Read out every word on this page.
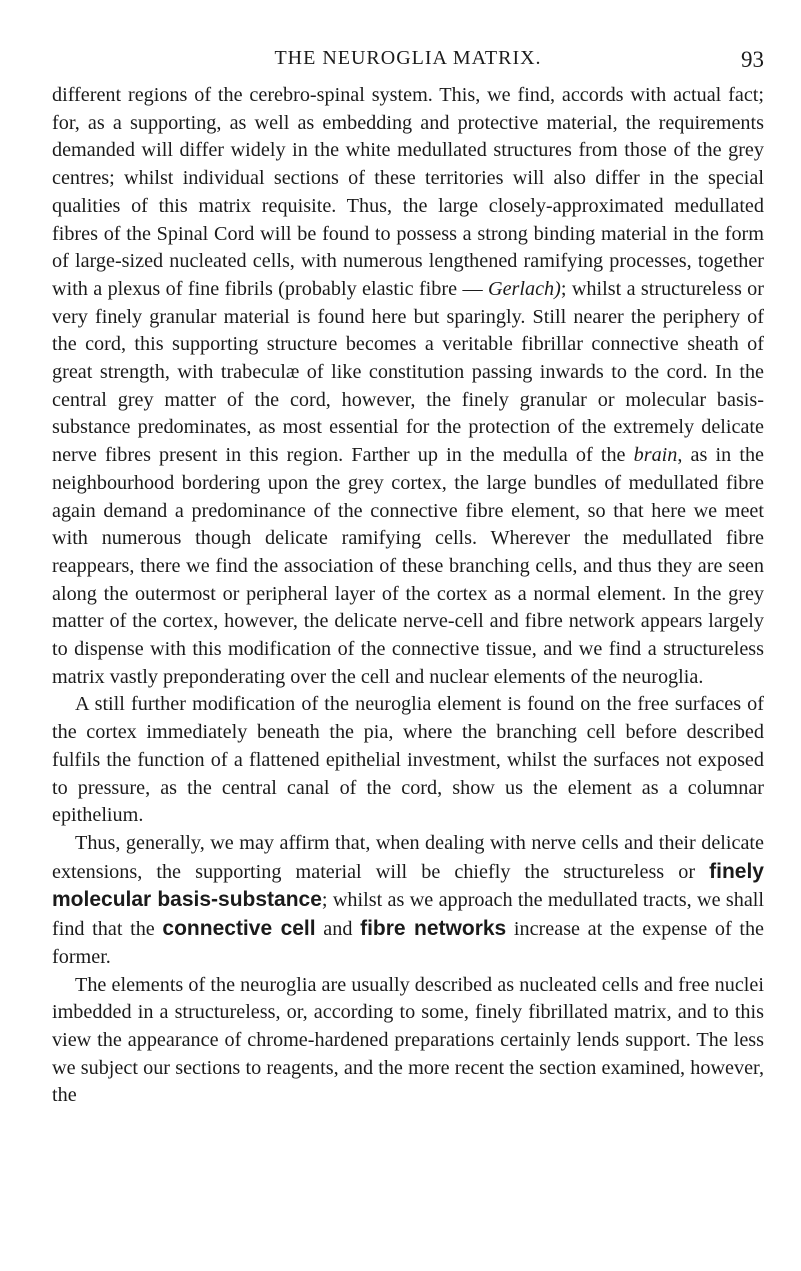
THE NEUROGLIA MATRIX.	93

different regions of the cerebro-spinal system. This, we find, accords with actual fact; for, as a supporting, as well as embedding and protective material, the requirements demanded will differ widely in the white medullated structures from those of the grey centres; whilst individual sections of these territories will also differ in the special qualities of this matrix requisite. Thus, the large closely-approximated medullated fibres of the Spinal Cord will be found to possess a strong binding material in the form of large-sized nucleated cells, with numerous lengthened ramifying processes, together with a plexus of fine fibrils (probably elastic fibre — Gerlach); whilst a structureless or very finely granular material is found here but sparingly. Still nearer the periphery of the cord, this supporting structure becomes a veritable fibrillar connective sheath of great strength, with trabeculæ of like constitution passing inwards to the cord. In the central grey matter of the cord, however, the finely granular or molecular basis-substance predominates, as most essential for the protection of the extremely delicate nerve fibres present in this region. Farther up in the medulla of the brain, as in the neighbourhood bordering upon the grey cortex, the large bundles of medullated fibre again demand a predominance of the connective fibre element, so that here we meet with numerous though delicate ramifying cells. Wherever the medullated fibre reappears, there we find the association of these branching cells, and thus they are seen along the outermost or peripheral layer of the cortex as a normal element. In the grey matter of the cortex, however, the delicate nerve-cell and fibre network appears largely to dispense with this modification of the connective tissue, and we find a structureless matrix vastly preponderating over the cell and nuclear elements of the neuroglia.

A still further modification of the neuroglia element is found on the free surfaces of the cortex immediately beneath the pia, where the branching cell before described fulfils the function of a flattened epithelial investment, whilst the surfaces not exposed to pressure, as the central canal of the cord, show us the element as a columnar epithelium.

Thus, generally, we may affirm that, when dealing with nerve cells and their delicate extensions, the supporting material will be chiefly the structureless or finely molecular basis-substance; whilst as we approach the medullated tracts, we shall find that the connective cell and fibre networks increase at the expense of the former.

The elements of the neuroglia are usually described as nucleated cells and free nuclei imbedded in a structureless, or, according to some, finely fibrillated matrix, and to this view the appearance of chrome-hardened preparations certainly lends support. The less we subject our sections to reagents, and the more recent the section examined, however, the
